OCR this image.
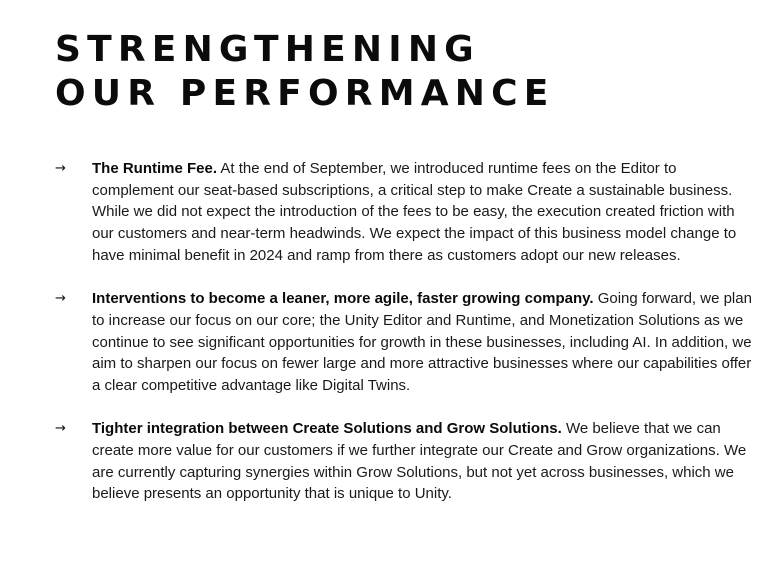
STRENGTHENING
OUR PERFORMANCE
→ The Runtime Fee. At the end of September, we introduced runtime fees on the Editor to complement our seat-based subscriptions, a critical step to make Create a sustainable business. While we did not expect the introduction of the fees to be easy, the execution created friction with our customers and near-term headwinds. We expect the impact of this business model change to have minimal benefit in 2024 and ramp from there as customers adopt our new releases.
→ Interventions to become a leaner, more agile, faster growing company. Going forward, we plan to increase our focus on our core; the Unity Editor and Runtime, and Monetization Solutions as we continue to see significant opportunities for growth in these businesses, including AI. In addition, we aim to sharpen our focus on fewer large and more attractive businesses where our capabilities offer a clear competitive advantage like Digital Twins.
→ Tighter integration between Create Solutions and Grow Solutions. We believe that we can create more value for our customers if we further integrate our Create and Grow organizations. We are currently capturing synergies within Grow Solutions, but not yet across businesses, which we believe presents an opportunity that is unique to Unity.
